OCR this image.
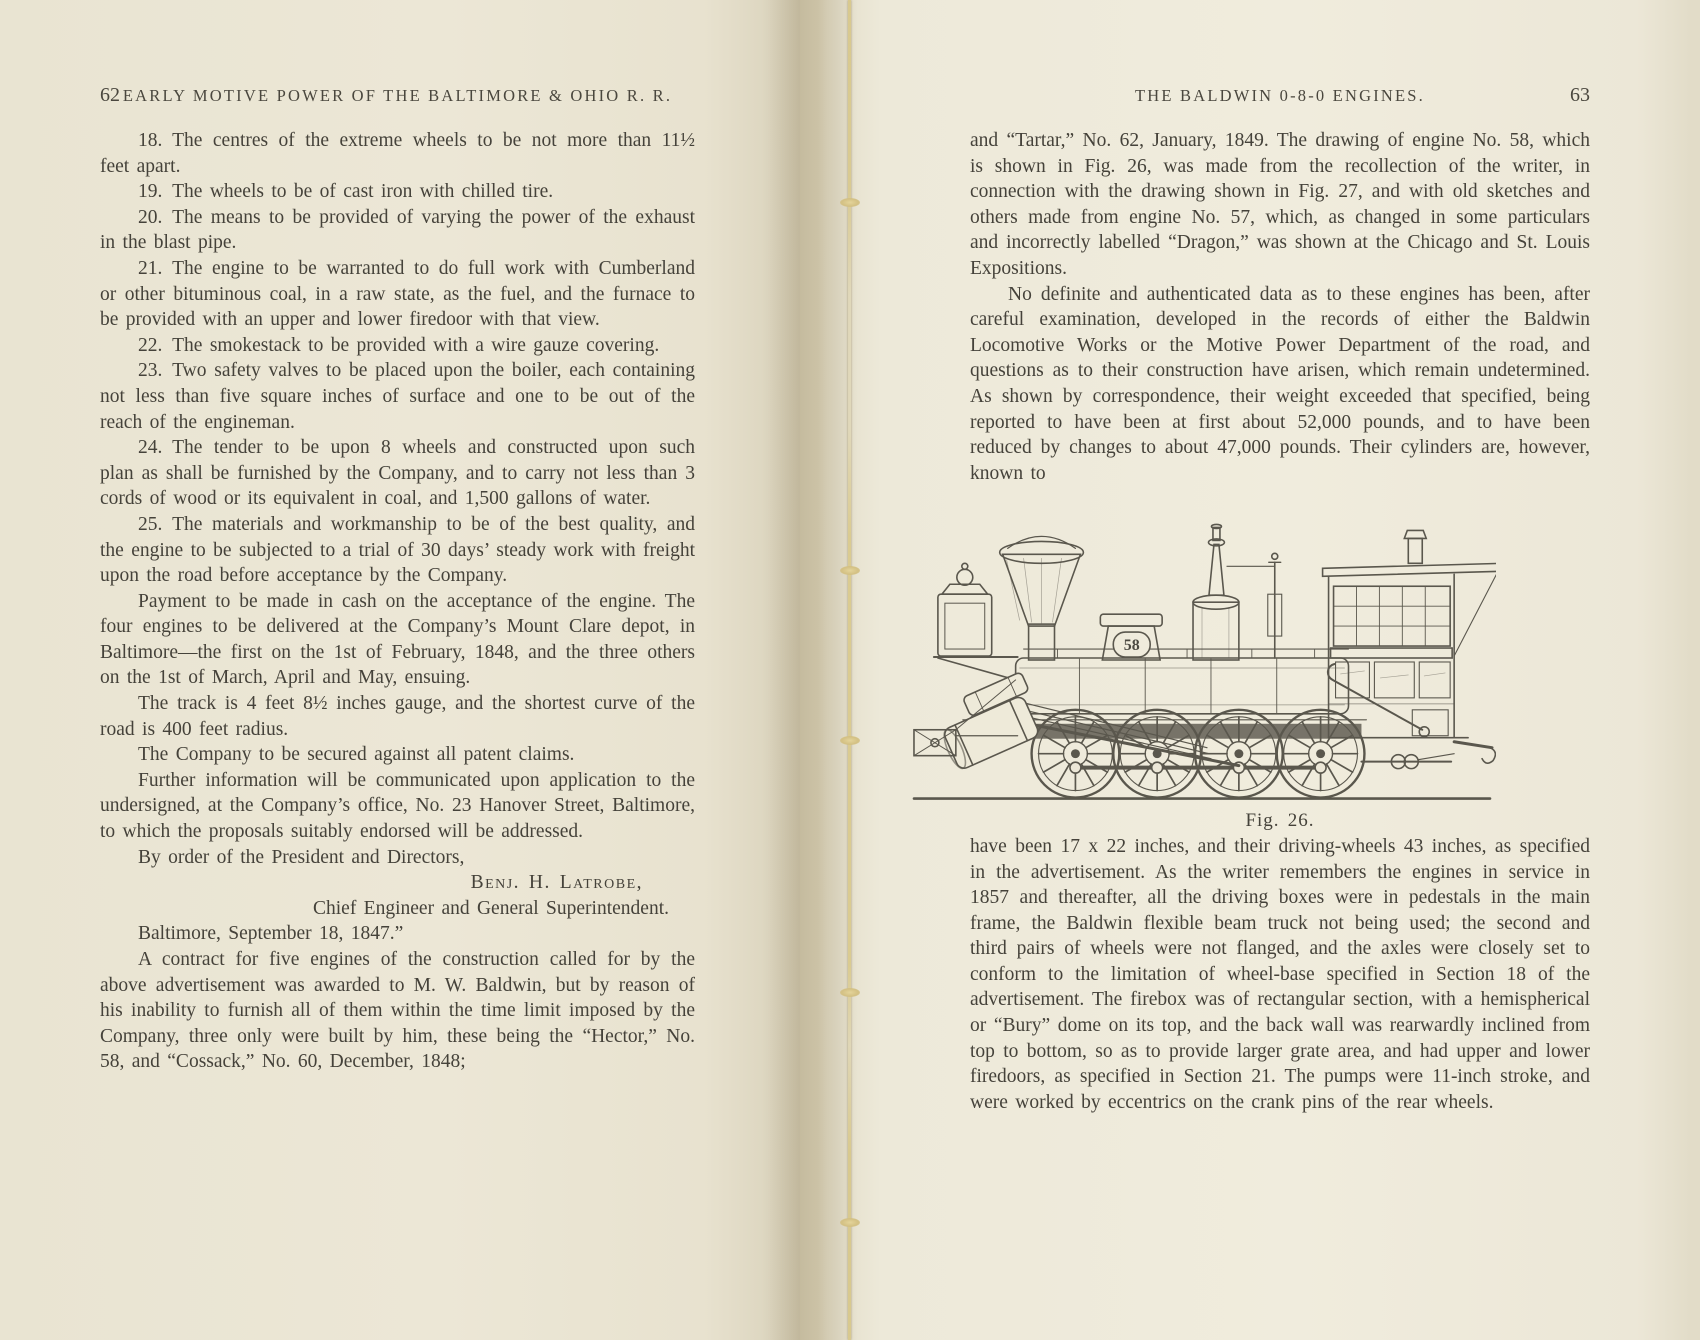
62 EARLY MOTIVE POWER OF THE BALTIMORE & OHIO R. R.

18. The centres of the extreme wheels to be not more than 11½ feet apart.

19. The wheels to be of cast iron with chilled tire.

20. The means to be provided of varying the power of the exhaust in the blast pipe.

21. The engine to be warranted to do full work with Cumberland or other bituminous coal, in a raw state, as the fuel, and the furnace to be provided with an upper and lower firedoor with that view.

22. The smokestack to be provided with a wire gauze covering.

23. Two safety valves to be placed upon the boiler, each containing not less than five square inches of surface and one to be out of the reach of the engineman.

24. The tender to be upon 8 wheels and constructed upon such plan as shall be furnished by the Company, and to carry not less than 3 cords of wood or its equivalent in coal, and 1,500 gallons of water.

25. The materials and workmanship to be of the best quality, and the engine to be subjected to a trial of 30 days’ steady work with freight upon the road before acceptance by the Company.

Payment to be made in cash on the acceptance of the engine. The four engines to be delivered at the Company’s Mount Clare depot, in Baltimore—the first on the 1st of February, 1848, and the three others on the 1st of March, April and May, ensuing.

The track is 4 feet 8½ inches gauge, and the shortest curve of the road is 400 feet radius.

The Company to be secured against all patent claims.

Further information will be communicated upon application to the undersigned, at the Company’s office, No. 23 Hanover Street, Baltimore, to which the proposals suitably endorsed will be addressed.

By order of the President and Directors,

Benj. H. Latrobe,

Chief Engineer and General Superintendent.

Baltimore, September 18, 1847.”

A contract for five engines of the construction called for by the above advertisement was awarded to M. W. Baldwin, but by reason of his inability to furnish all of them within the time limit imposed by the Company, three only were built by him, these being the “Hector,” No. 58, and “Cossack,” No. 60, December, 1848;

THE BALDWIN 0-8-0 ENGINES.	63

and “Tartar,” No. 62, January, 1849. The drawing of engine No. 58, which is shown in Fig. 26, was made from the recollection of the writer, in connection with the drawing shown in Fig. 27, and with old sketches and others made from engine No. 57, which, as changed in some particulars and incorrectly labelled “Dragon,” was shown at the Chicago and St. Louis Expositions.

No definite and authenticated data as to these engines has been, after careful examination, developed in the records of either the Baldwin Locomotive Works or the Motive Power Department of the road, and questions as to their construction have arisen, which remain undetermined. As shown by correspondence, their weight exceeded that specified, being reported to have been at first about 52,000 pounds, and to have been reduced by changes to about 47,000 pounds. Their cylinders are, however, known to

58

Fig. 26.

have been 17 x 22 inches, and their driving-wheels 43 inches, as specified in the advertisement. As the writer remembers the engines in service in 1857 and thereafter, all the driving boxes were in pedestals in the main frame, the Baldwin flexible beam truck not being used; the second and third pairs of wheels were not flanged, and the axles were closely set to conform to the limitation of wheel-base specified in Section 18 of the advertisement. The firebox was of rectangular section, with a hemispherical or “Bury” dome on its top, and the back wall was rearwardly inclined from top to bottom, so as to provide larger grate area, and had upper and lower firedoors, as specified in Section 21. The pumps were 11-inch stroke, and were worked by eccentrics on the crank pins of the rear wheels.
